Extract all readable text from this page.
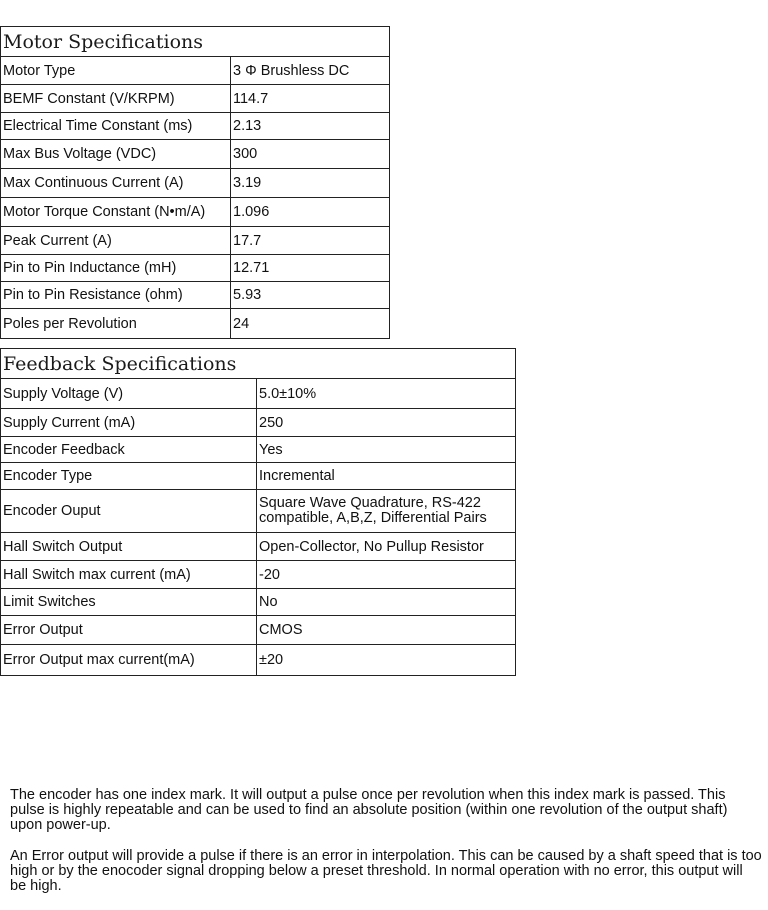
Motor Specifications	
Motor Type	3 Φ Brushless DC
BEMF Constant (V/KRPM)	114.7
Electrical Time Constant (ms)	2.13
Max Bus Voltage (VDC)	300
Max Continuous Current (A)	3.19
Motor Torque Constant (N•m/A)	1.096
Peak Current (A)	17.7
Pin to Pin Inductance (mH)	12.71
Pin to Pin Resistance (ohm)	5.93
Poles per Revolution	24
Feedback Specifications	
Supply Voltage (V)	5.0±10%
Supply Current (mA)	250
Encoder Feedback	Yes
Encoder Type	Incremental
Encoder Ouput	Square Wave Quadrature, RS-422 compatible, A,B,Z, Differential Pairs
Hall Switch Output	Open-Collector, No Pullup Resistor
Hall Switch max current (mA)	-20
Limit Switches	No
Error Output	CMOS
Error Output max current(mA)	±20

The encoder has one index mark. It will output a pulse once per revolution when this index mark is passed. This pulse is highly repeatable and can be used to find an absolute position (within one revolution of the output shaft) upon power-up.

An Error output will provide a pulse if there is an error in interpolation. This can be caused by a shaft speed that is too high or by the enocoder signal dropping below a preset threshold. In normal operation with no error, this output will be high.
